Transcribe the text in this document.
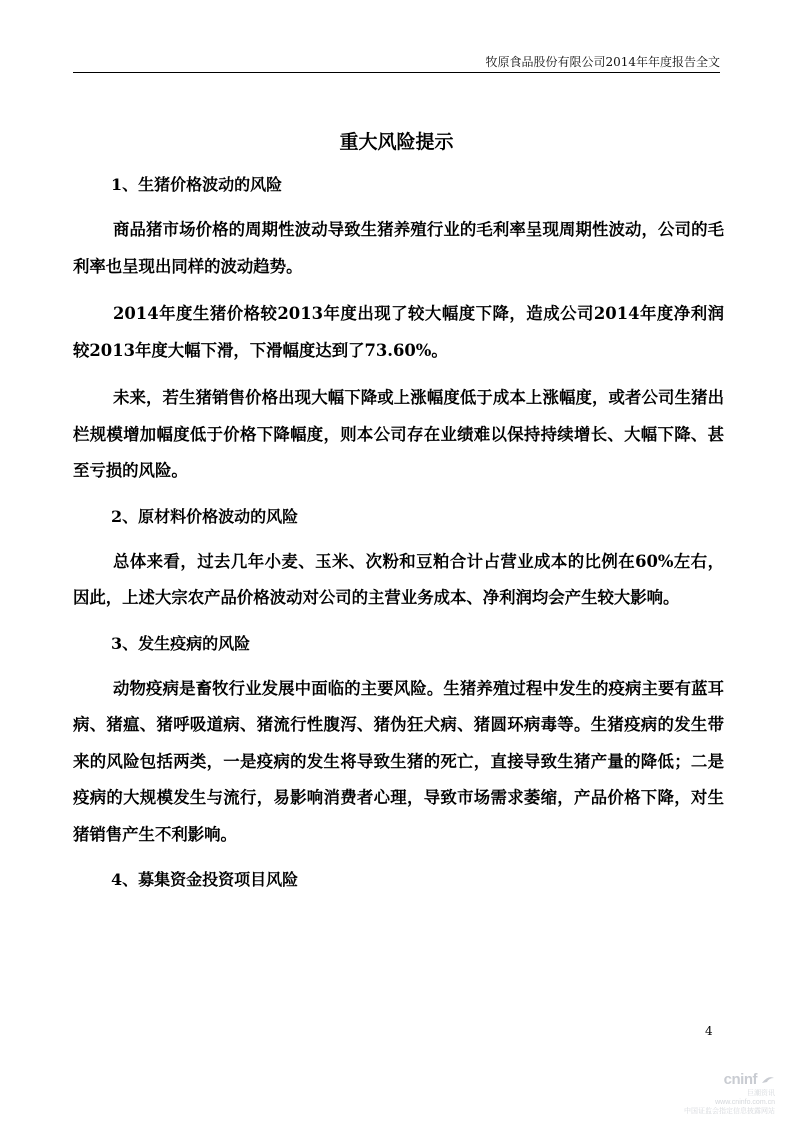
牧原食品股份有限公司2014年年度报告全文
重大风险提示
1、生猪价格波动的风险

商品猪市场价格的周期性波动导致生猪养殖行业的毛利率呈现周期性波动，公司的毛利率也呈现出同样的波动趋势。

2014年度生猪价格较2013年度出现了较大幅度下降，造成公司2014年度净利润较2013年度大幅下滑，下滑幅度达到了73.60%。

未来，若生猪销售价格出现大幅下降或上涨幅度低于成本上涨幅度，或者公司生猪出栏规模增加幅度低于价格下降幅度，则本公司存在业绩难以保持持续增长、大幅下降、甚至亏损的风险。

2、原材料价格波动的风险

总体来看，过去几年小麦、玉米、次粉和豆粕合计占营业成本的比例在60%左右，因此，上述大宗农产品价格波动对公司的主营业务成本、净利润均会产生较大影响。

3、发生疫病的风险

动物疫病是畜牧行业发展中面临的主要风险。生猪养殖过程中发生的疫病主要有蓝耳病、猪瘟、猪呼吸道病、猪流行性腹泻、猪伪狂犬病、猪圆环病毒等。生猪疫病的发生带来的风险包括两类，一是疫病的发生将导致生猪的死亡，直接导致生猪产量的降低；二是疫病的大规模发生与流行，易影响消费者心理，导致市场需求萎缩，产品价格下降，对生猪销售产生不利影响。

4、募集资金投资项目风险
4
cninf
巨潮资讯
www.cninfo.com.cn
中国证监会指定信息披露网站
